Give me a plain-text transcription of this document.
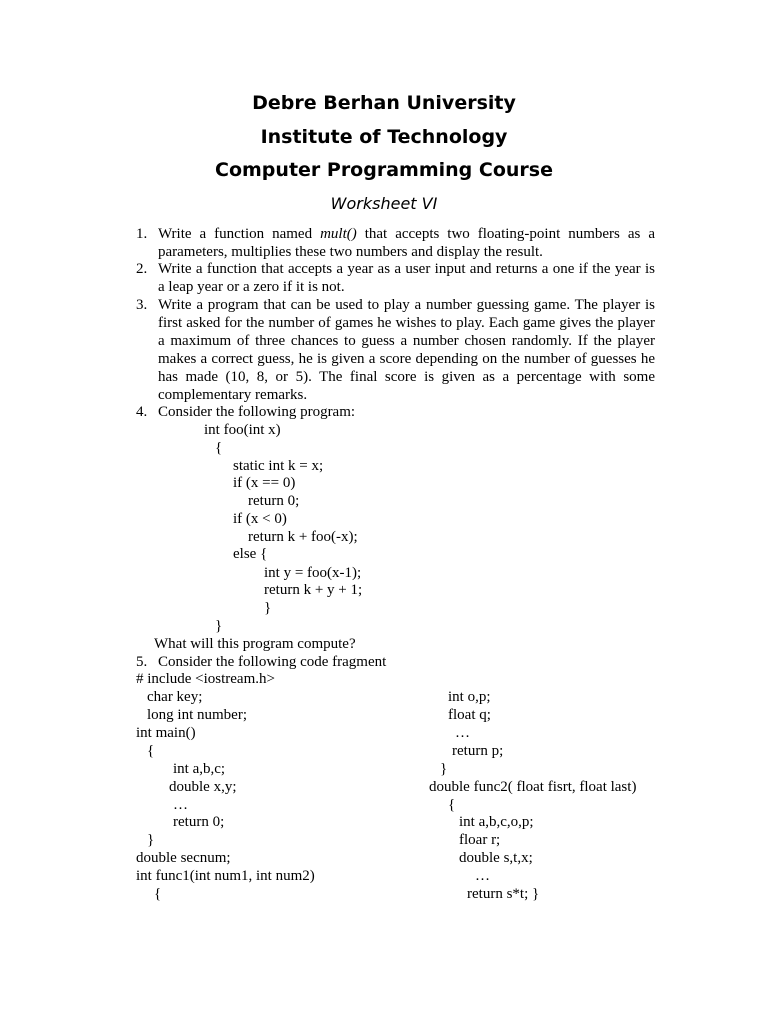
Debre Berhan University
Institute of Technology
Computer Programming Course
Worksheet VI
1. Write a function named mult() that accepts two floating-point numbers as a parameters, multiplies these two numbers and display the result.
2. Write a function that accepts a year as a user input and returns a one if the year is a leap year or a zero if it is not.
3. Write a program that can be used to play a number guessing game. The player is first asked for the number of games he wishes to play. Each game gives the player a maximum of three chances to guess a number chosen randomly. If the player makes a correct guess, he is given a score depending on the number of guesses he has made (10, 8, or 5). The final score is given as a percentage with some complementary remarks.
4. Consider the following program:
int foo(int x)
{
static int k = x;
if (x == 0)
return 0;
if (x < 0)
return k + foo(-x);
else {
int y = foo(x-1);
return k + y + 1;
}
}
What will this program compute?
5. Consider the following code fragment
# include <iostream.h>
char key;
long int number;
int main()
{
int a,b,c;
double x,y;
…
return 0;
}
double secnum;
int func1(int num1, int num2)
{
int o,p;
float q;
…
return p;
}
double func2( float fisrt, float last)
{
int a,b,c,o,p;
floar r;
double s,t,x;
…
return s*t; }
